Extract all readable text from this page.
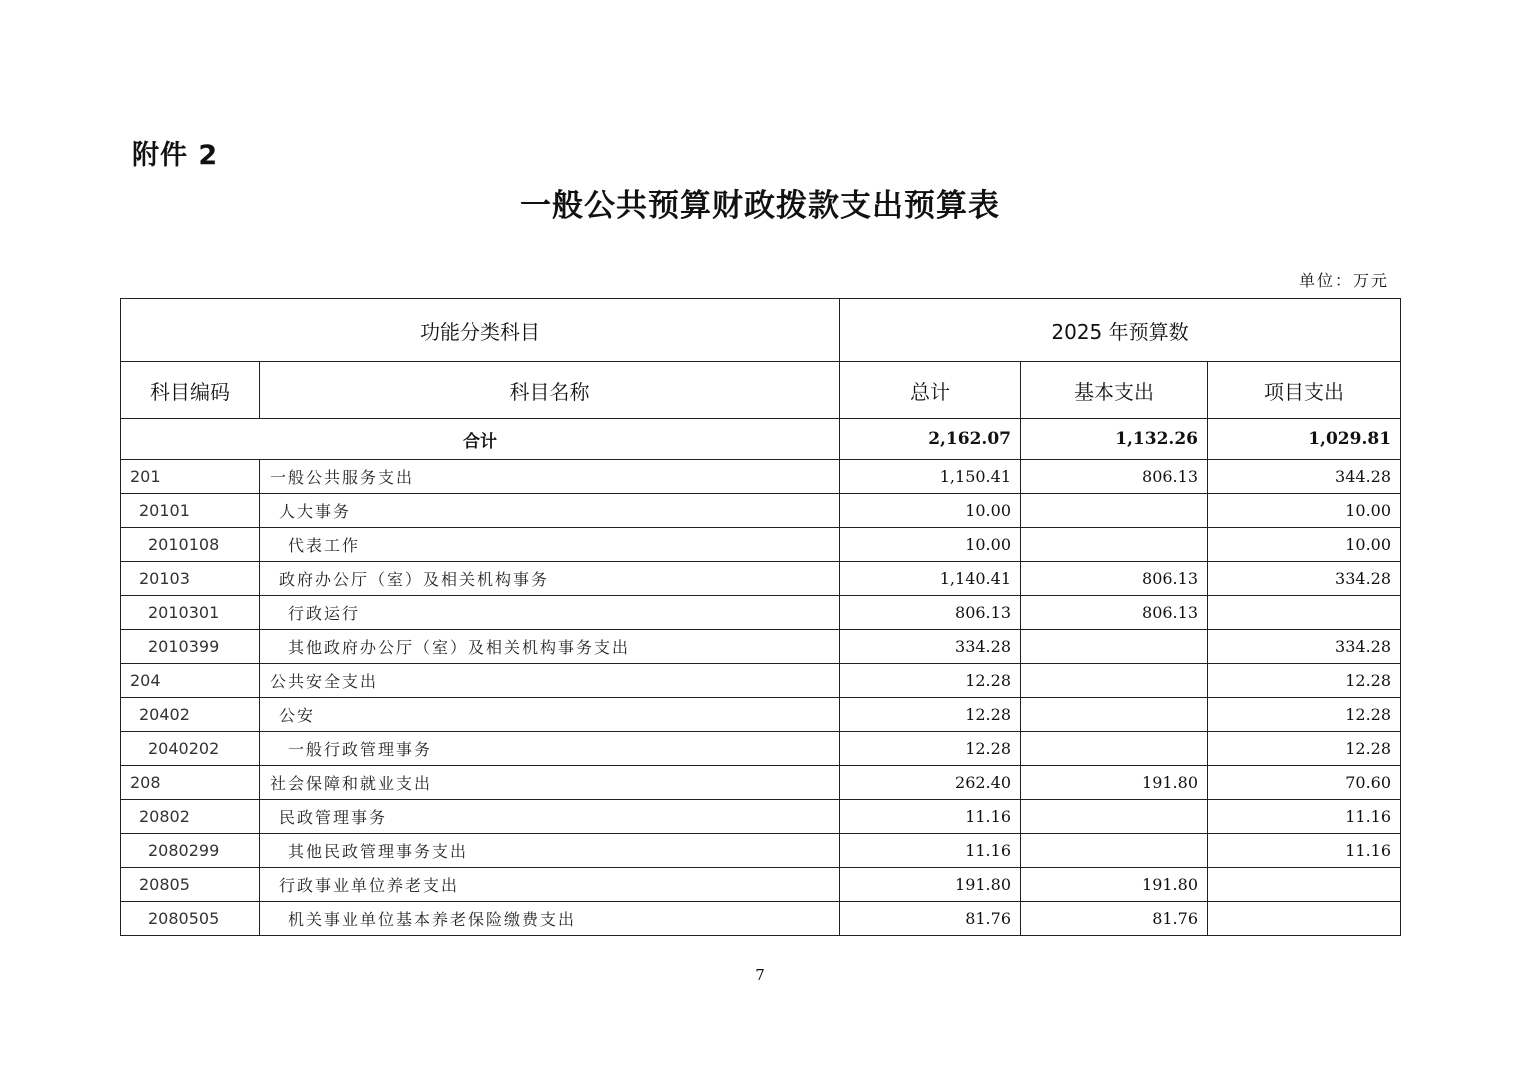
附件 2
一般公共预算财政拨款支出预算表
单位：万元
功能分类科目		2025 年预算数		
科目编码	科目名称	总计	基本支出	项目支出
合计		2,162.07	1,132.26	1,029.81
201	一般公共服务支出	1,150.41	806.13	344.28
20101	人大事务	10.00		10.00
2010108	代表工作	10.00		10.00
20103	政府办公厅（室）及相关机构事务	1,140.41	806.13	334.28
2010301	行政运行	806.13	806.13	
2010399	其他政府办公厅（室）及相关机构事务支出	334.28		334.28
204	公共安全支出	12.28		12.28
20402	公安	12.28		12.28
2040202	一般行政管理事务	12.28		12.28
208	社会保障和就业支出	262.40	191.80	70.60
20802	民政管理事务	11.16		11.16
2080299	其他民政管理事务支出	11.16		11.16
20805	行政事业单位养老支出	191.80	191.80	
2080505	机关事业单位基本养老保险缴费支出	81.76	81.76	
7
